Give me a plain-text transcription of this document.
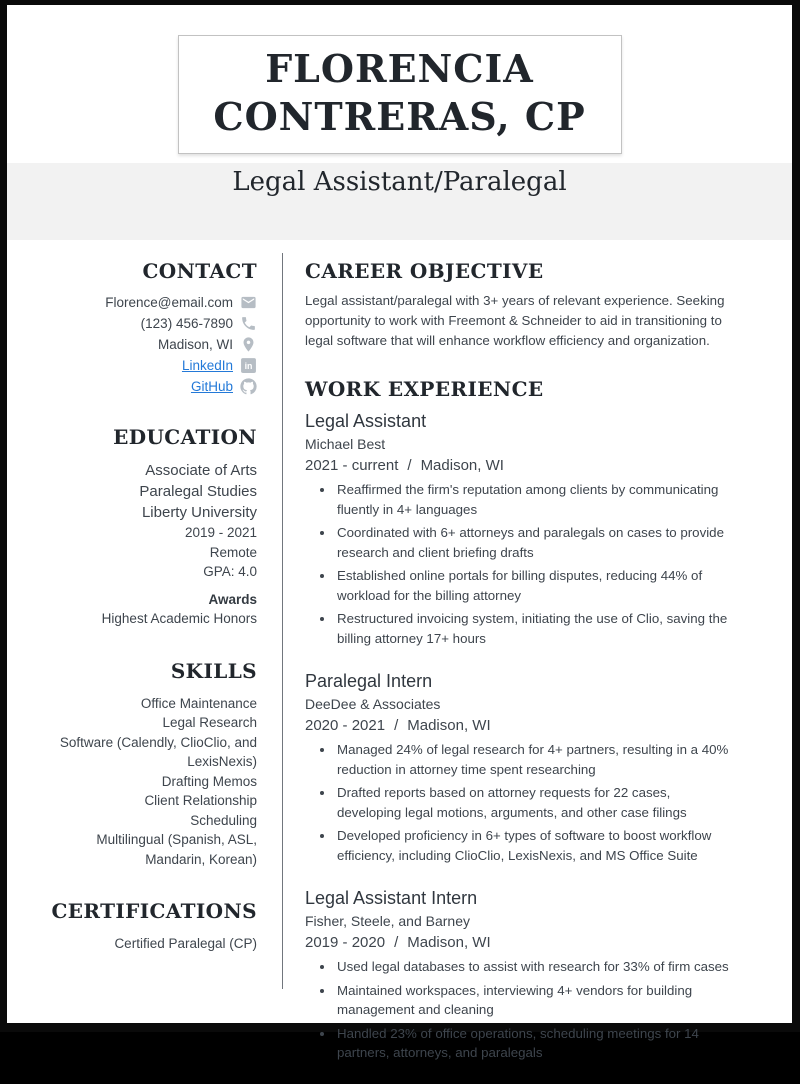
FLORENCIA CONTRERAS, CP
Legal Assistant/Paralegal
CONTACT
Florence@email.com
(123) 456-7890
Madison, WI
LinkedIn in
GitHub
EDUCATION
Associate of Arts
Paralegal Studies
Liberty University
2019 - 2021
Remote
GPA: 4.0
Awards
Highest Academic Honors
SKILLS
Office Maintenance
Legal Research
Software (Calendly, ClioClio, and LexisNexis)
Drafting Memos
Client Relationship
Scheduling
Multilingual (Spanish, ASL, Mandarin, Korean)
CERTIFICATIONS
Certified Paralegal (CP)
CAREER OBJECTIVE

Legal assistant/paralegal with 3+ years of relevant experience. Seeking opportunity to work with Freemont & Schneider to aid in transitioning to legal software that will enhance workflow efficiency and organization.

WORK EXPERIENCE
Legal Assistant
Michael Best
2021 - current / Madison, WI
• Reaffirmed the firm's reputation among clients by communicating fluently in 4+ languages
• Coordinated with 6+ attorneys and paralegals on cases to provide research and client briefing drafts
• Established online portals for billing disputes, reducing 44% of workload for the billing attorney
• Restructured invoicing system, initiating the use of Clio, saving the billing attorney 17+ hours
Paralegal Intern
DeeDee & Associates
2020 - 2021 / Madison, WI
• Managed 24% of legal research for 4+ partners, resulting in a 40% reduction in attorney time spent researching
• Drafted reports based on attorney requests for 22 cases, developing legal motions, arguments, and other case filings
• Developed proficiency in 6+ types of software to boost workflow efficiency, including ClioClio, LexisNexis, and MS Office Suite
Legal Assistant Intern
Fisher, Steele, and Barney
2019 - 2020 / Madison, WI
• Used legal databases to assist with research for 33% of firm cases
• Maintained workspaces, interviewing 4+ vendors for building management and cleaning
• Handled 23% of office operations, scheduling meetings for 14 partners, attorneys, and paralegals
